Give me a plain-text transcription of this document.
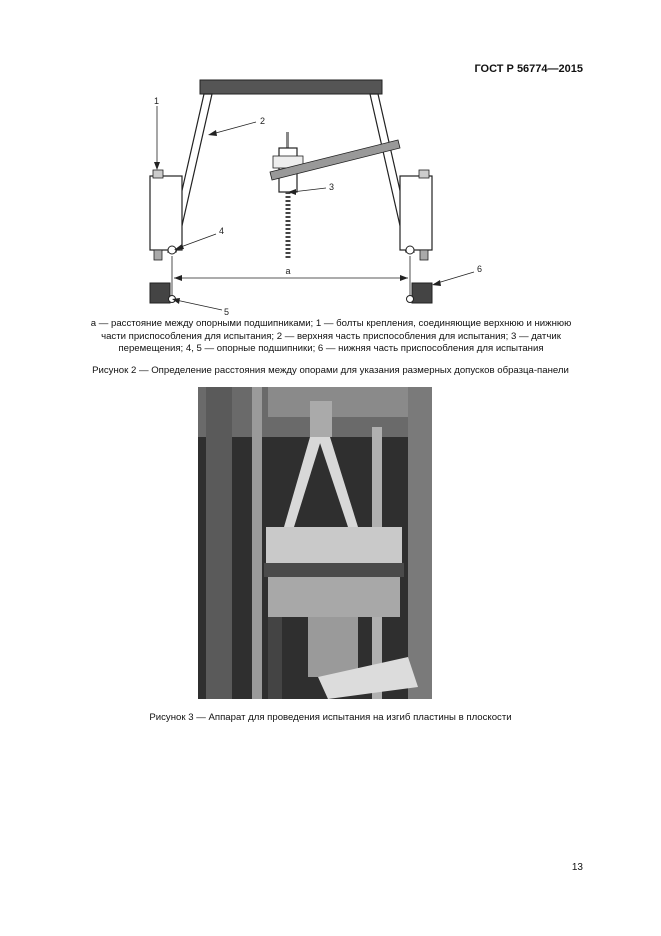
ГОСТ Р 56774—2015
a
1
2
3
4
5
6

а — расстояние между опорными подшипниками; 1 — болты крепления, соединяющие верхнюю и нижнюю

части приспособления для испытания; 2 — верхняя часть приспособления для испытания; 3 — датчик

перемещения; 4, 5 — опорные подшипники; 6 — нижняя часть приспособления для испытания

Рисунок 2 — Определение расстояния между опорами для указания размерных допусков образца-панели
Рисунок 3 — Аппарат для проведения испытания на изгиб пластины в плоскости
13
